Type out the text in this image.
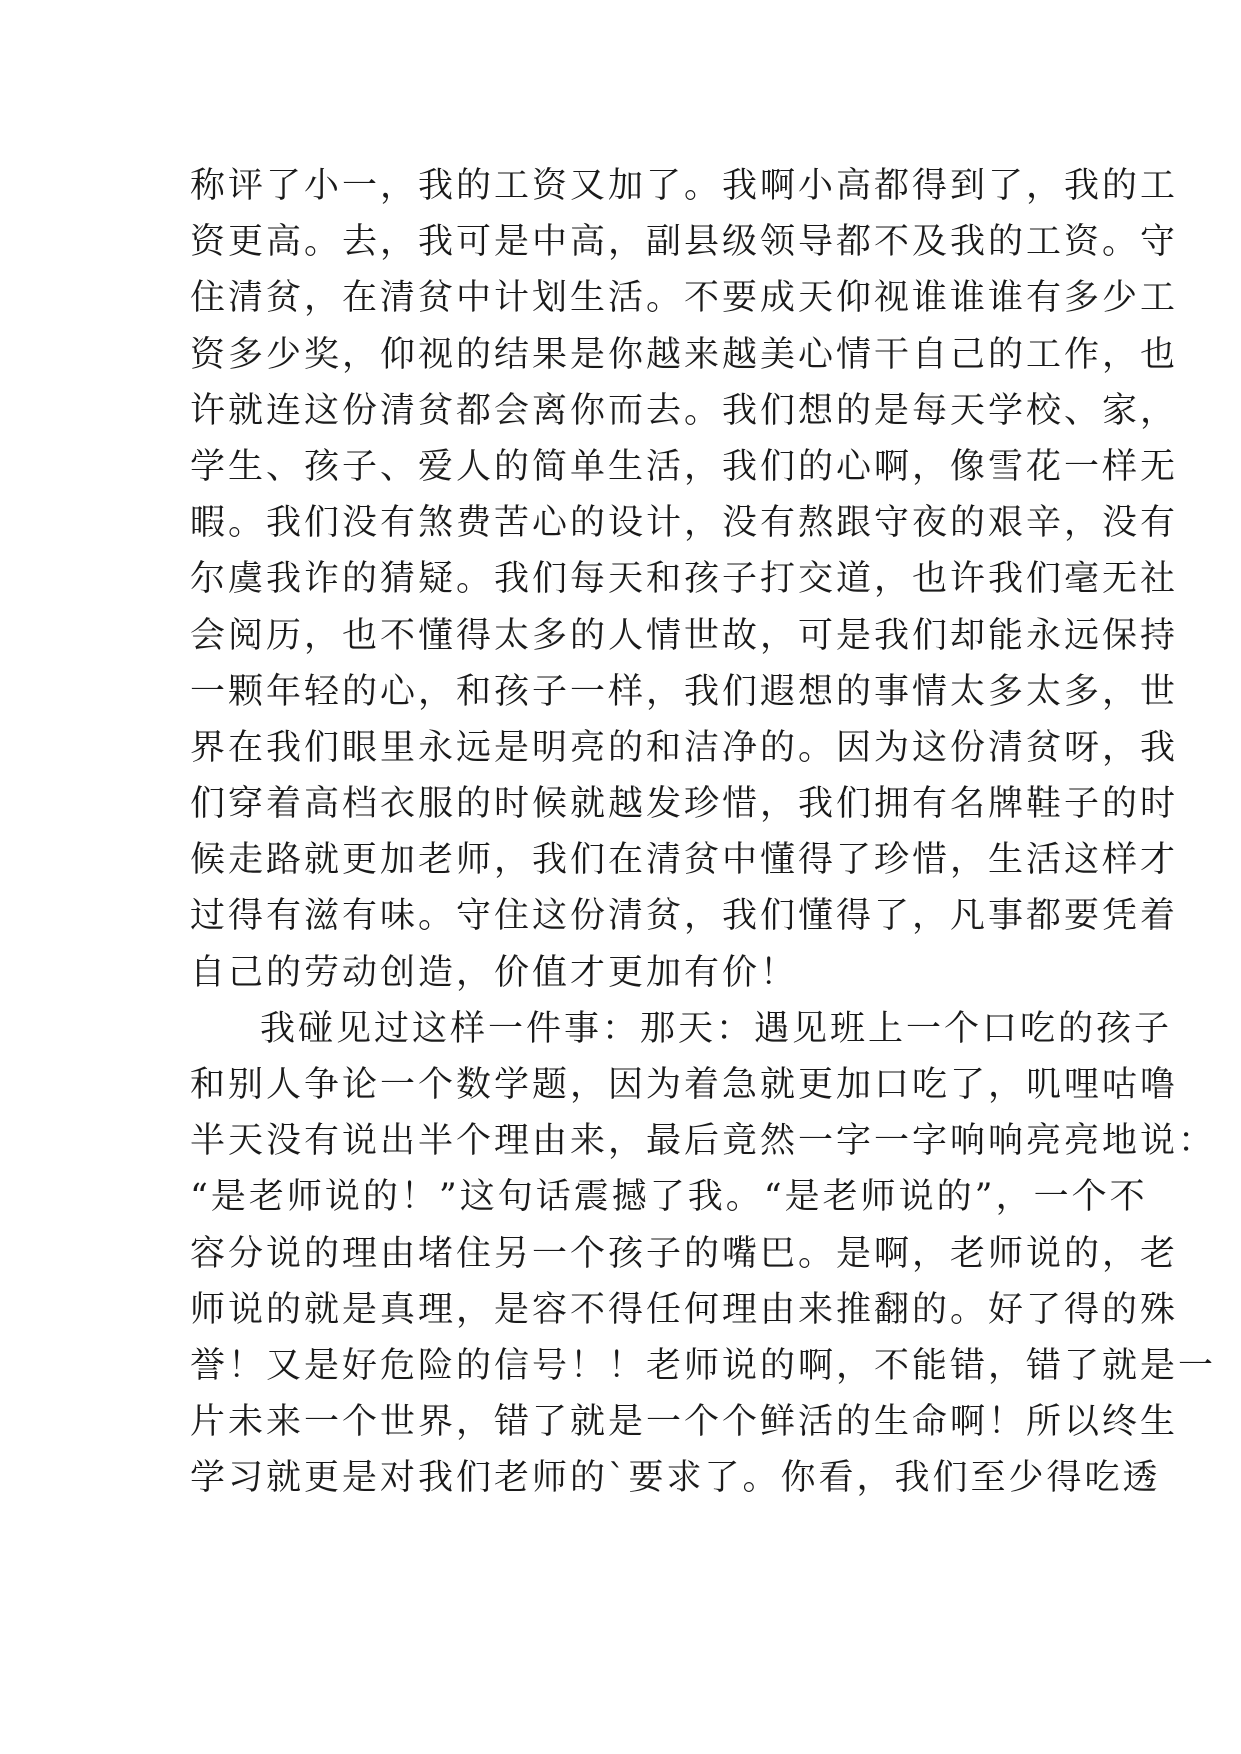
称评了小一，我的工资又加了。我啊小高都得到了，我的工
资更高。去，我可是中高，副县级领导都不及我的工资。守
住清贫，在清贫中计划生活。不要成天仰视谁谁谁有多少工
资多少奖，仰视的结果是你越来越美心情干自己的工作，也
许就连这份清贫都会离你而去。我们想的是每天学校、家，
学生、孩子、爱人的简单生活，我们的心啊，像雪花一样无
暇。我们没有煞费苦心的设计，没有熬跟守夜的艰辛，没有
尔虞我诈的猜疑。我们每天和孩子打交道，也许我们毫无社
会阅历，也不懂得太多的人情世故，可是我们却能永远保持
一颗年轻的心，和孩子一样，我们遐想的事情太多太多，世
界在我们眼里永远是明亮的和洁净的。因为这份清贫呀，我
们穿着高档衣服的时候就越发珍惜，我们拥有名牌鞋子的时
候走路就更加老师，我们在清贫中懂得了珍惜，生活这样才
过得有滋有味。守住这份清贫，我们懂得了，凡事都要凭着
自己的劳动创造，价值才更加有价！
我碰见过这样一件事：那天：遇见班上一个口吃的孩子
和别人争论一个数学题，因为着急就更加口吃了，叽哩咕噜
半天没有说出半个理由来，最后竟然一字一字响响亮亮地说：
“是老师说的！”这句话震撼了我。“是老师说的”，一个不
容分说的理由堵住另一个孩子的嘴巴。是啊，老师说的，老
师说的就是真理，是容不得任何理由来推翻的。好了得的殊
誉！又是好危险的信号！！老师说的啊，不能错，错了就是一
片未来一个世界，错了就是一个个鲜活的生命啊！所以终生
学习就更是对我们老师的`要求了。你看，我们至少得吃透
